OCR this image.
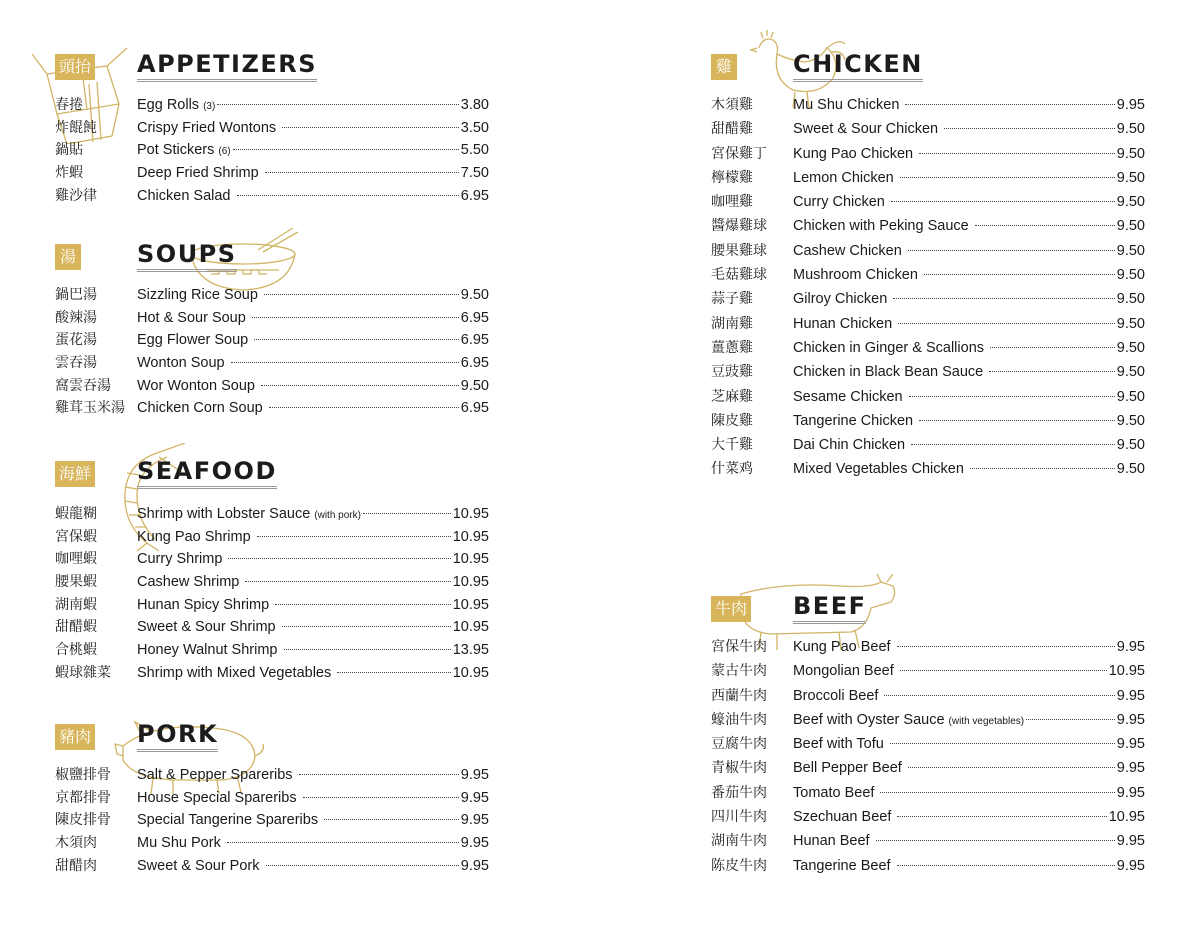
頭抬 APPETIZERS
春捲	Egg Rolls (3)	3.80
炸餛飩	Crispy Fried Wontons	3.50
鍋貼	Pot Stickers (6)	5.50
炸蝦	Deep Fried Shrimp	7.50
雞沙律	Chicken Salad	6.95
湯	SOUPS
鍋巴湯	Sizzling Rice Soup	9.50
酸辣湯	Hot & Sour Soup	6.95
蛋花湯	Egg Flower Soup	6.95
雲吞湯	Wonton Soup	6.95
窩雲吞湯 Wor Wonton Soup	9.50
雞茸玉米湯 Chicken Corn Soup	6.95
海鮮 SEAFOOD
蝦龍糊	Shrimp with Lobster Sauce (with pork)	10.95
宮保蝦	Kung Pao Shrimp	10.95
咖哩蝦	Curry Shrimp	10.95
腰果蝦	Cashew Shrimp	10.95
湖南蝦	Hunan Spicy Shrimp	10.95
甜醋蝦	Sweet & Sour Shrimp	10.95
合桃蝦	Honey Walnut Shrimp	13.95
蝦球雜菜 Shrimp with Mixed Vegetables	10.95
豬肉 PORK
椒鹽排骨 Salt & Pepper Spareribs	9.95
京都排骨 House Special Spareribs	9.95
陳皮排骨 Special Tangerine Spareribs	9.95
木須肉	Mu Shu Pork	9.95
甜醋肉	Sweet & Sour Pork	9.95
雞	CHICKEN
木須雞	Mu Shu Chicken	9.95
甜醋雞	Sweet & Sour Chicken	9.50
宮保雞丁 Kung Pao Chicken	9.50
檸檬雞	Lemon Chicken	9.50
咖哩雞	Curry Chicken	9.50
醬爆雞球 Chicken with Peking Sauce	9.50
腰果雞球 Cashew Chicken	9.50
毛菇雞球 Mushroom Chicken	9.50
蒜子雞	Gilroy Chicken	9.50
湖南雞	Hunan Chicken	9.50
薑蔥雞	Chicken in Ginger & Scallions	9.50
豆豉雞	Chicken in Black Bean Sauce	9.50
芝麻雞	Sesame Chicken	9.50
陳皮雞	Tangerine Chicken	9.50
大千雞	Dai Chin Chicken	9.50
什菜鸡	Mixed Vegetables Chicken	9.50
牛肉 BEEF
宮保牛肉 Kung Pao Beef	9.95
蒙古牛肉 Mongolian Beef	10.95
西蘭牛肉 Broccoli Beef	9.95
蠔油牛肉 Beef with Oyster Sauce (with vegetables)	9.95
豆腐牛肉 Beef with Tofu	9.95
青椒牛肉 Bell Pepper Beef	9.95
番茄牛肉 Tomato Beef	9.95
四川牛肉 Szechuan Beef	10.95
湖南牛肉 Hunan Beef	9.95
陈皮牛肉 Tangerine Beef	9.95
